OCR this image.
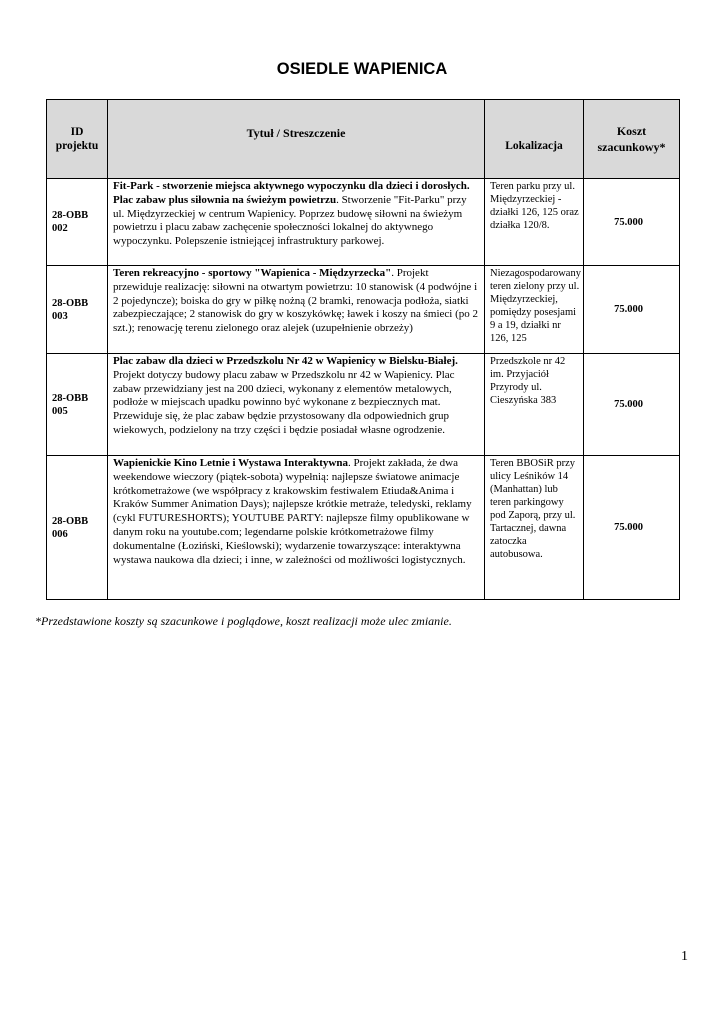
OSIEDLE WAPIENICA
ID
projektu	Tytuł / Streszczenie	Lokalizacja	Koszt
szacunkowy*
28-OBB
002	Fit-Park - stworzenie miejsca aktywnego wypoczynku dla dzieci i dorosłych. Plac zabaw plus siłownia na świeżym powietrzu. Stworzenie "Fit-Parku" przy ul. Międzyrzeckiej w centrum Wapienicy. Poprzez budowę siłowni na świeżym powietrzu i placu zabaw zachęcenie społeczności lokalnej do aktywnego wypoczynku. Polepszenie istniejącej infrastruktury parkowej.	Teren parku przy ul. Międzyrzeckiej - działki 126, 125 oraz działka 120/8.	75.000
28-OBB
003	Teren rekreacyjno - sportowy "Wapienica - Międzyrzecka". Projekt przewiduje realizację: siłowni na otwartym powietrzu: 10 stanowisk (4 podwójne i 2 pojedyncze); boiska do gry w piłkę nożną (2 bramki, renowacja podłoża, siatki zabezpieczające; 2 stanowisk do gry w koszykówkę; ławek i koszy na śmieci (po 2 szt.); renowację terenu zielonego oraz alejek (uzupełnienie obrzeży)	Niezagospodarowany teren zielony przy ul. Międzyrzeckiej, pomiędzy posesjami 9 a 19, działki nr 126, 125	75.000
28-OBB
005	Plac zabaw dla dzieci w Przedszkolu Nr 42 w Wapienicy w Bielsku-Białej. Projekt dotyczy budowy placu zabaw w Przedszkolu nr 42 w Wapienicy. Plac zabaw przewidziany jest na 200 dzieci, wykonany z elementów metalowych, podłoże w miejscach upadku powinno być wykonane z bezpiecznych mat. Przewiduje się, że plac zabaw będzie przystosowany dla odpowiednich grup wiekowych, podzielony na trzy części i będzie posiadał własne ogrodzenie.	Przedszkole nr 42 im. Przyjaciół Przyrody ul. Cieszyńska 383	75.000
28-OBB
006	Wapienickie Kino Letnie i Wystawa Interaktywna. Projekt zakłada, że dwa weekendowe wieczory (piątek-sobota) wypełnią: najlepsze światowe animacje krótkometrażowe (we współpracy z krakowskim festiwalem Etiuda&Anima i Kraków Summer Animation Days); najlepsze krótkie metraże, teledyski, reklamy (cykl FUTURESHORTS); YOUTUBE PARTY: najlepsze filmy opublikowane w danym roku na youtube.com; legendarne polskie krótkometrażowe filmy dokumentalne (Łoziński, Kieślowski); wydarzenie towarzyszące: interaktywna wystawa naukowa dla dzieci; i inne, w zależności od możliwości logistycznych.	Teren BBOSiR przy ulicy Leśników 14 (Manhattan) lub teren parkingowy pod Zaporą, przy ul. Tartacznej, dawna zatoczka autobusowa.	75.000
*Przedstawione koszty są szacunkowe i poglądowe, koszt realizacji może ulec zmianie.
1
